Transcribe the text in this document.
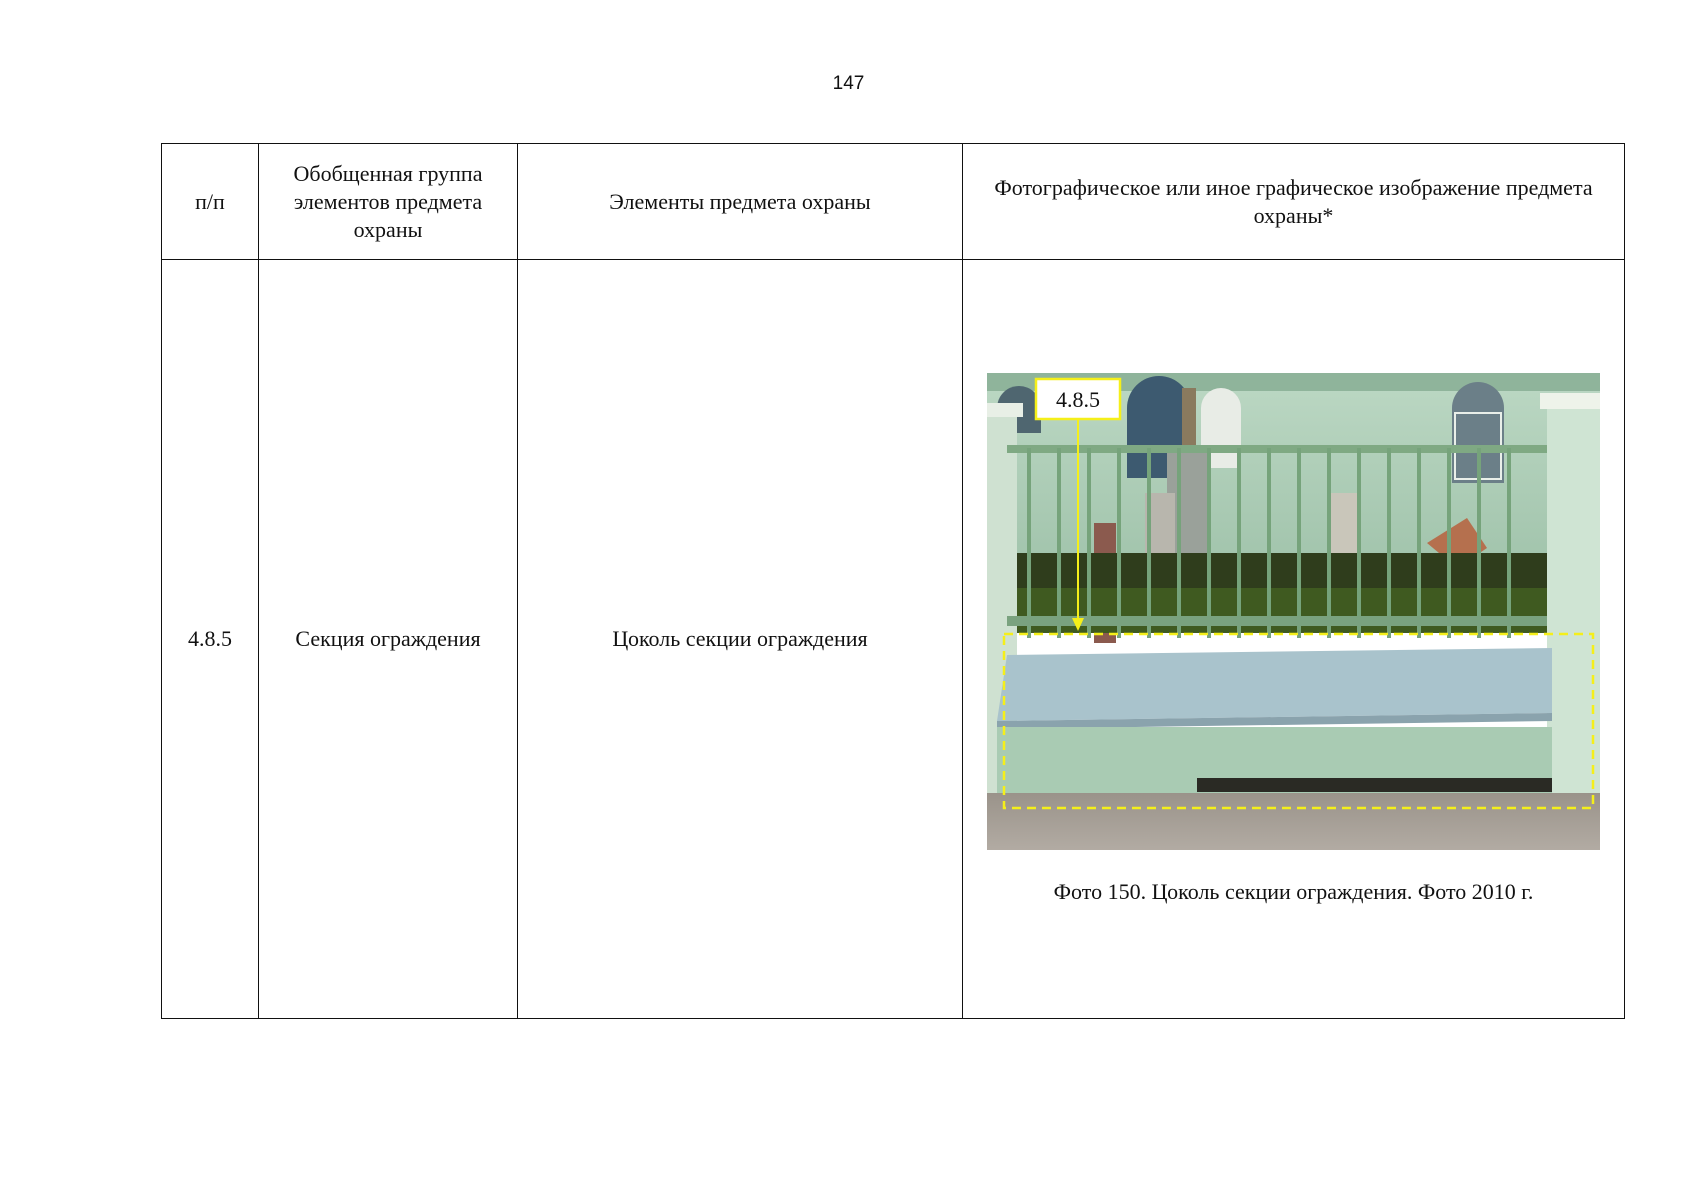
147
п/п	Обобщенная группа элементов предмета охраны	Элементы предмета охраны	Фотографическое или иное графическое изображение предмета охраны*
4.8.5	Секция ограждения	Цоколь секции ограждения	4.8.5
Фото 150. Цоколь секции ограждения. Фото 2010 г.
